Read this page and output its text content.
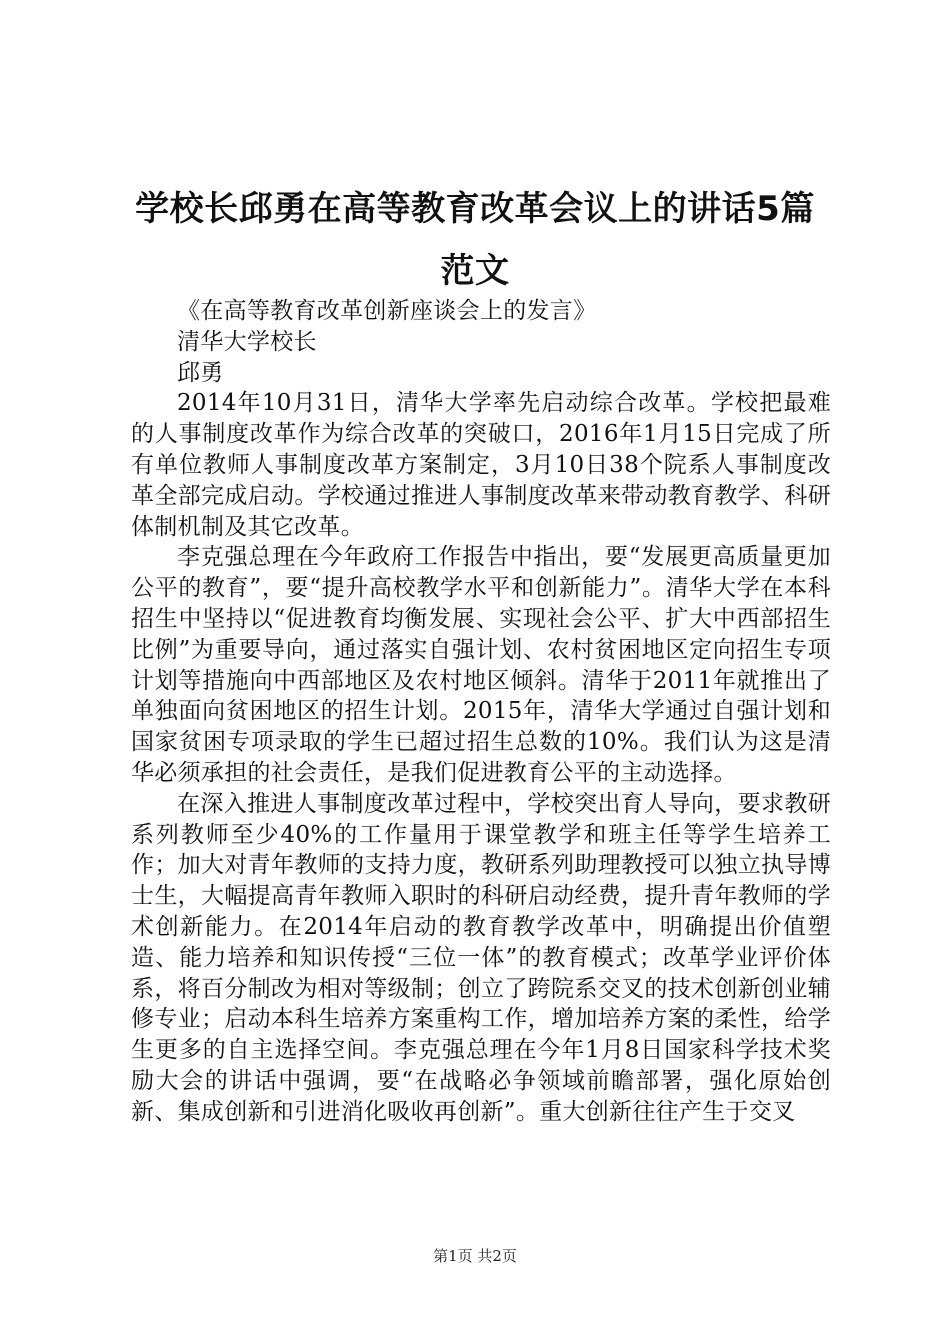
学校长邱勇在高等教育改革会议上的讲话5篇范文

《在高等教育改革创新座谈会上的发言》

清华大学校长

邱勇

2014年10月31日，清华大学率先启动综合改革。学校把最难的人事制度改革作为综合改革的突破口，2016年1月15日完成了所有单位教师人事制度改革方案制定，3月10日38个院系人事制度改革全部完成启动。学校通过推进人事制度改革来带动教育教学、科研体制机制及其它改革。

李克强总理在今年政府工作报告中指出，要“发展更高质量更加公平的教育”，要“提升高校教学水平和创新能力”。清华大学在本科招生中坚持以“促进教育均衡发展、实现社会公平、扩大中西部招生比例”为重要导向，通过落实自强计划、农村贫困地区定向招生专项计划等措施向中西部地区及农村地区倾斜。清华于2011年就推出了单独面向贫困地区的招生计划。2015年，清华大学通过自强计划和国家贫困专项录取的学生已超过招生总数的10%。我们认为这是清华必须承担的社会责任，是我们促进教育公平的主动选择。

在深入推进人事制度改革过程中，学校突出育人导向，要求教研系列教师至少40%的工作量用于课堂教学和班主任等学生培养工作；加大对青年教师的支持力度，教研系列助理教授可以独立执导博士生，大幅提高青年教师入职时的科研启动经费，提升青年教师的学术创新能力。在2014年启动的教育教学改革中，明确提出价值塑造、能力培养和知识传授“三位一体”的教育模式；改革学业评价体系，将百分制改为相对等级制；创立了跨院系交叉的技术创新创业辅修专业；启动本科生培养方案重构工作，增加培养方案的柔性，给学生更多的自主选择空间。李克强总理在今年1月8日国家科学技术奖励大会的讲话中强调，要“在战略必争领域前瞻部署，强化原始创新、集成创新和引进消化吸收再创新”。重大创新往往产生于交叉

第1页 共2页
